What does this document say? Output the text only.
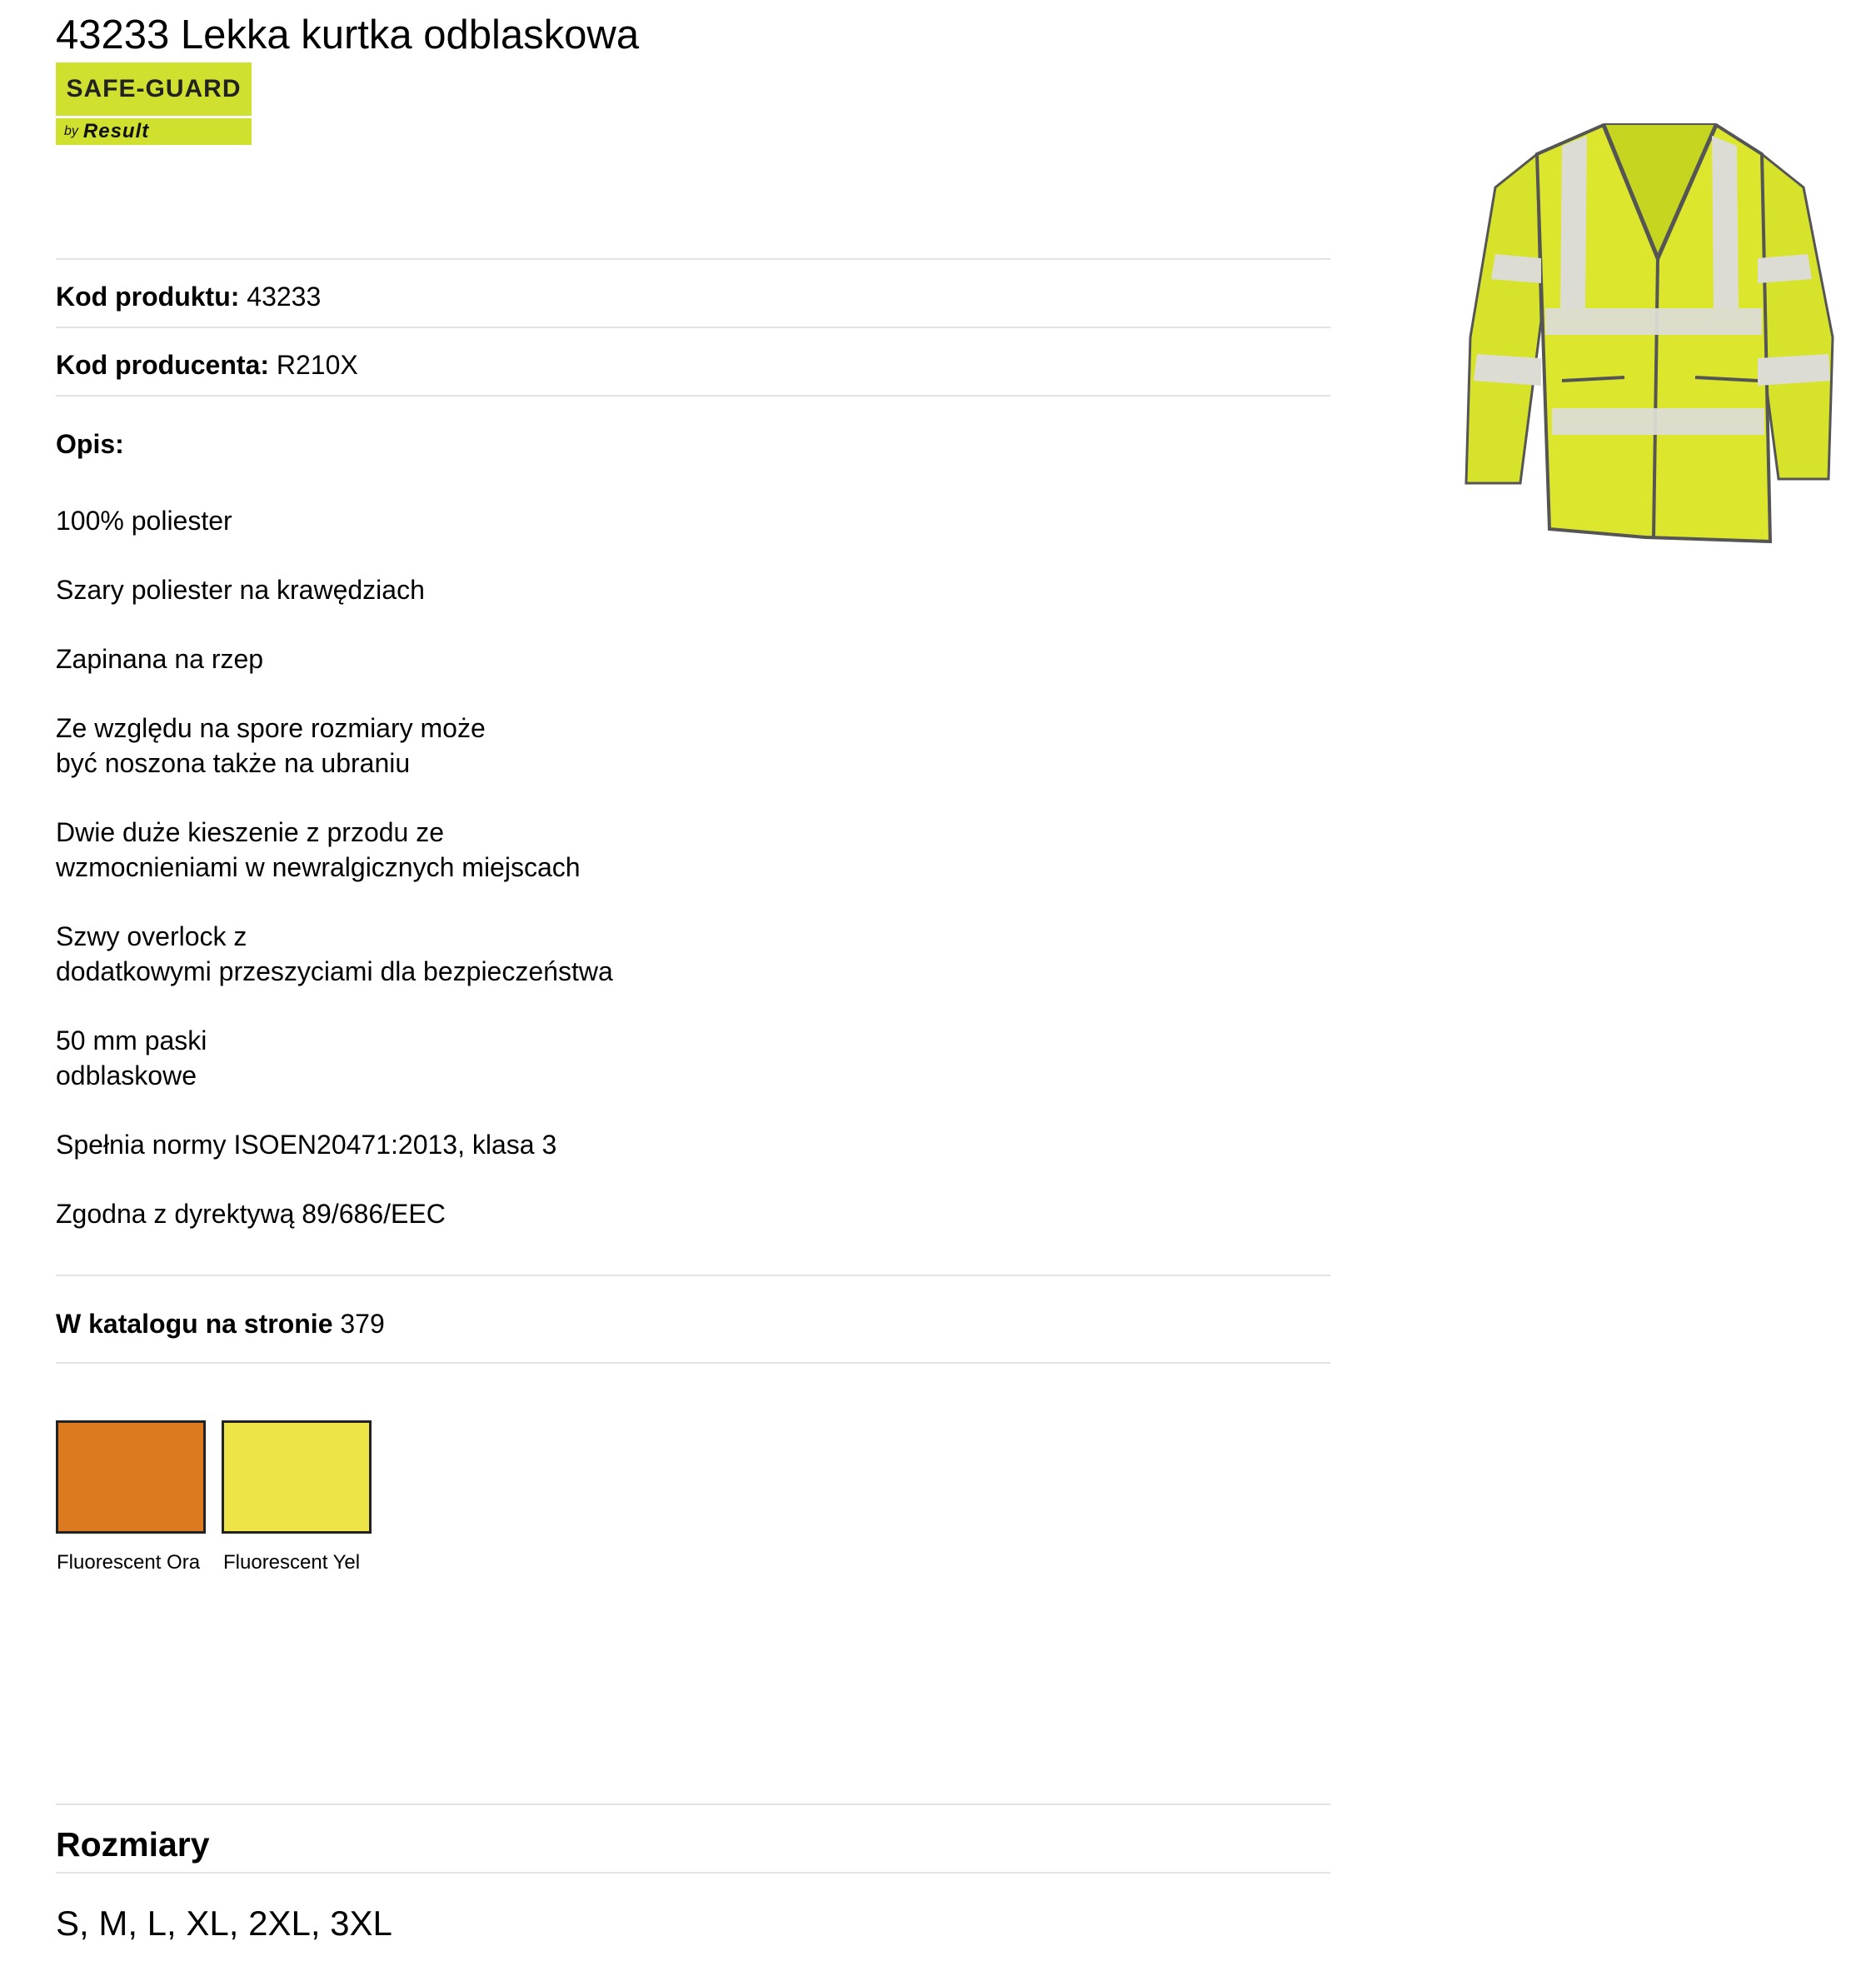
43233 Lekka kurtka odblaskowa
SAFE-GUARD
by Result
Kod produktu: 43233
Kod producenta: R210X
Opis:

100% poliester

Szary poliester na krawędziach

Zapinana na rzep

Ze względu na spore rozmiary może
być noszona także na ubraniu

Dwie duże kieszenie z przodu ze
wzmocnieniami w newralgicznych miejscach

Szwy overlock z
dodatkowymi przeszyciami dla bezpieczeństwa

50 mm paski
odblaskowe

Spełnia normy ISOEN20471:2013, klasa 3

Zgodna z dyrektywą 89/686/EEC

W katalogu na stronie 379
Fluorescent Ora	Fluorescent Yel
Rozmiary
S, M, L, XL, 2XL, 3XL
